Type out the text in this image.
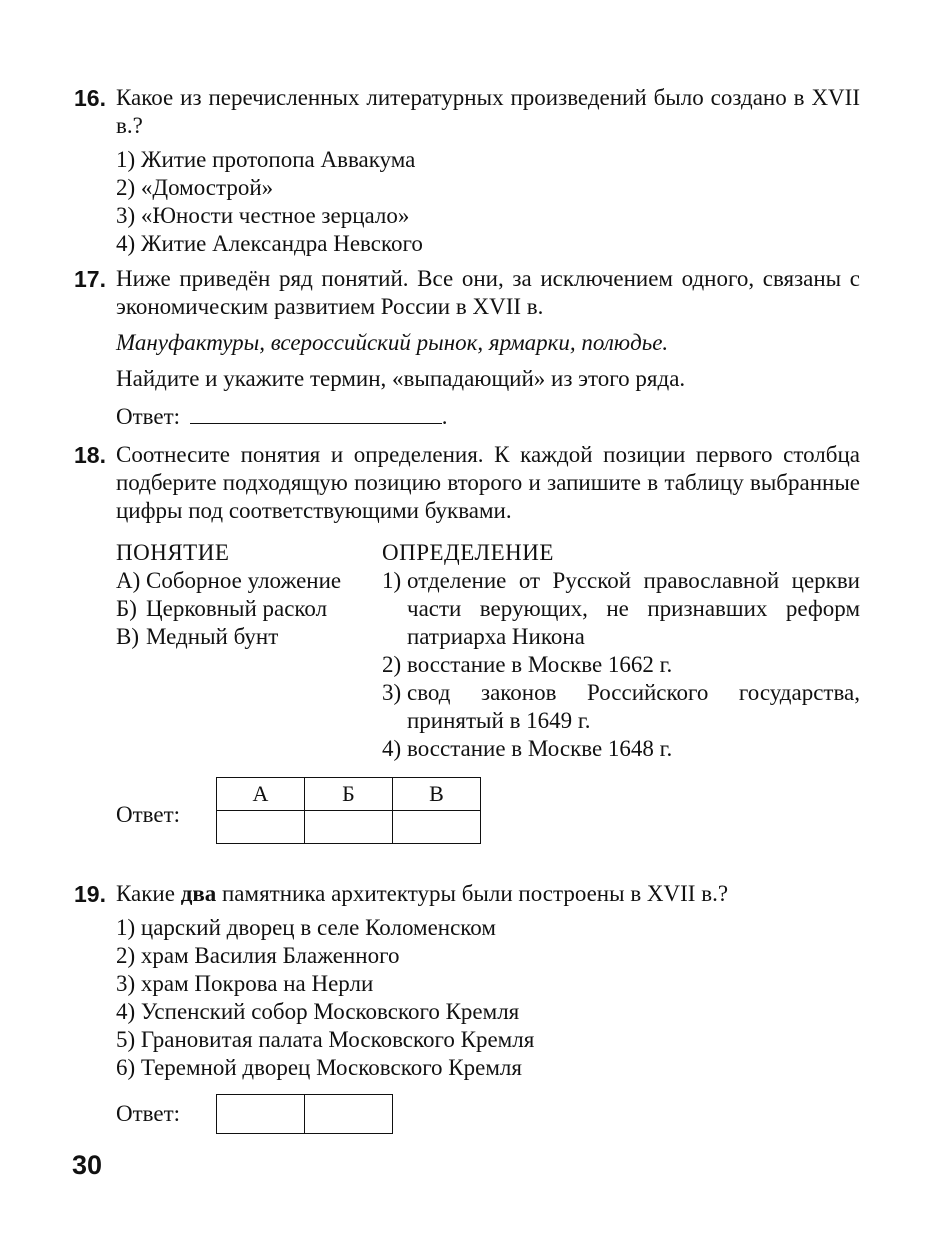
16. Какое из перечисленных литературных произведений было создано в XVII в.?
1) Житие протопопа Аввакума
2) «Домострой»
3) «Юности честное зерцало»
4) Житие Александра Невского
17. Ниже приведён ряд понятий. Все они, за исключением одного, связаны с экономическим развитием России в XVII в.
Мануфактуры, всероссийский рынок, ярмарки, полюдье.
Найдите и укажите термин, «выпадающий» из этого ряда.
Ответ:	.
18. Соотнесите понятия и определения. К каждой позиции первого столбца подберите подходящую позицию второго и запишите в таблицу выбранные цифры под соответствующими буквами.
ПОНЯТИЕ
А) Соборное уложение
Б) Церковный раскол
В) Медный бунт
ОПРЕДЕЛЕНИЕ
1) отделение от Русской православной церкви части верующих, не признавших реформ патриарха Никона
2) восстание в Москве 1662 г.
3) свод законов Российского государства, принятый в 1649 г.
4) восстание в Москве 1648 г.
Ответ:
А	Б	В

19. Какие два памятника архитектуры были построены в XVII в.?
1) царский дворец в селе Коломенском
2) храм Василия Блаженного
3) храм Покрова на Нерли
4) Успенский собор Московского Кремля
5) Грановитая палата Московского Кремля
6) Теремной дворец Московского Кремля
Ответ:
30
